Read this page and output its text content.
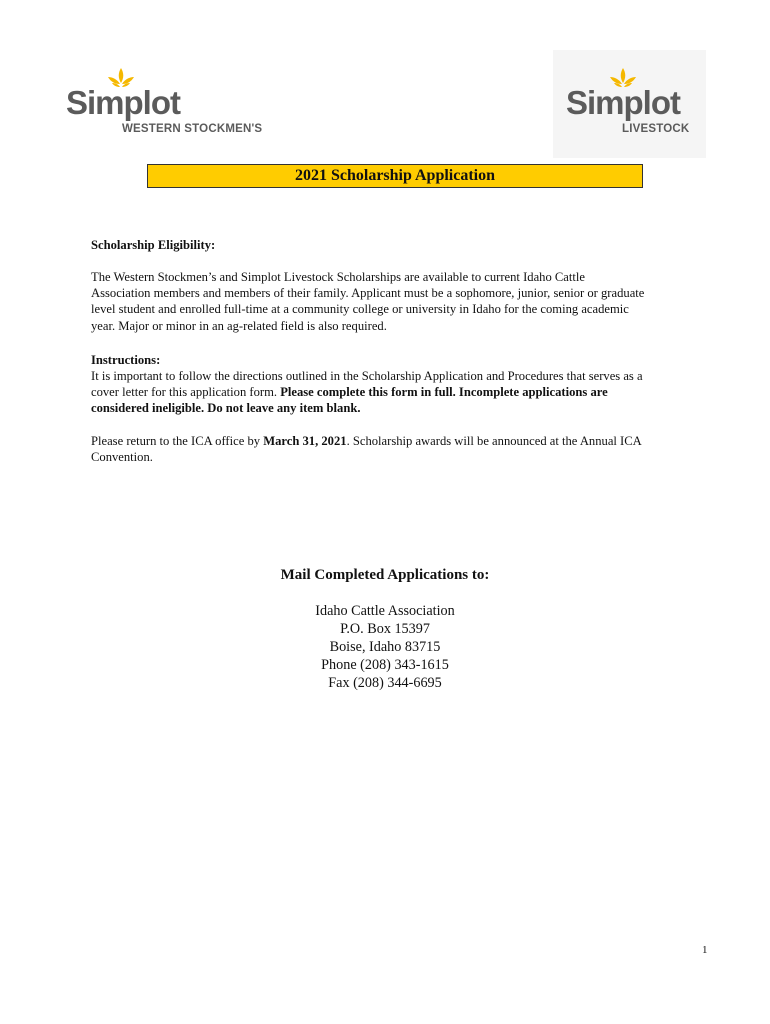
Simplot
WESTERN STOCKMEN'S
Simplot
LIVESTOCK
2021 Scholarship Application
Scholarship Eligibility:
The Western Stockmen’s and Simplot Livestock Scholarships are available to current Idaho Cattle
Association members and members of their family. Applicant must be a sophomore, junior, senior or graduate
level student and enrolled full-time at a community college or university in Idaho for the coming academic
year. Major or minor in an ag-related field is also required.
Instructions:
It is important to follow the directions outlined in the Scholarship Application and Procedures that serves as a
cover letter for this application form. Please complete this form in full. Incomplete applications are
considered ineligible. Do not leave any item blank.
Please return to the ICA office by March 31, 2021. Scholarship awards will be announced at the Annual ICA
Convention.
Mail Completed Applications to:
Idaho Cattle Association
P.O. Box 15397
Boise, Idaho 83715
Phone (208) 343-1615
Fax (208) 344-6695
1
